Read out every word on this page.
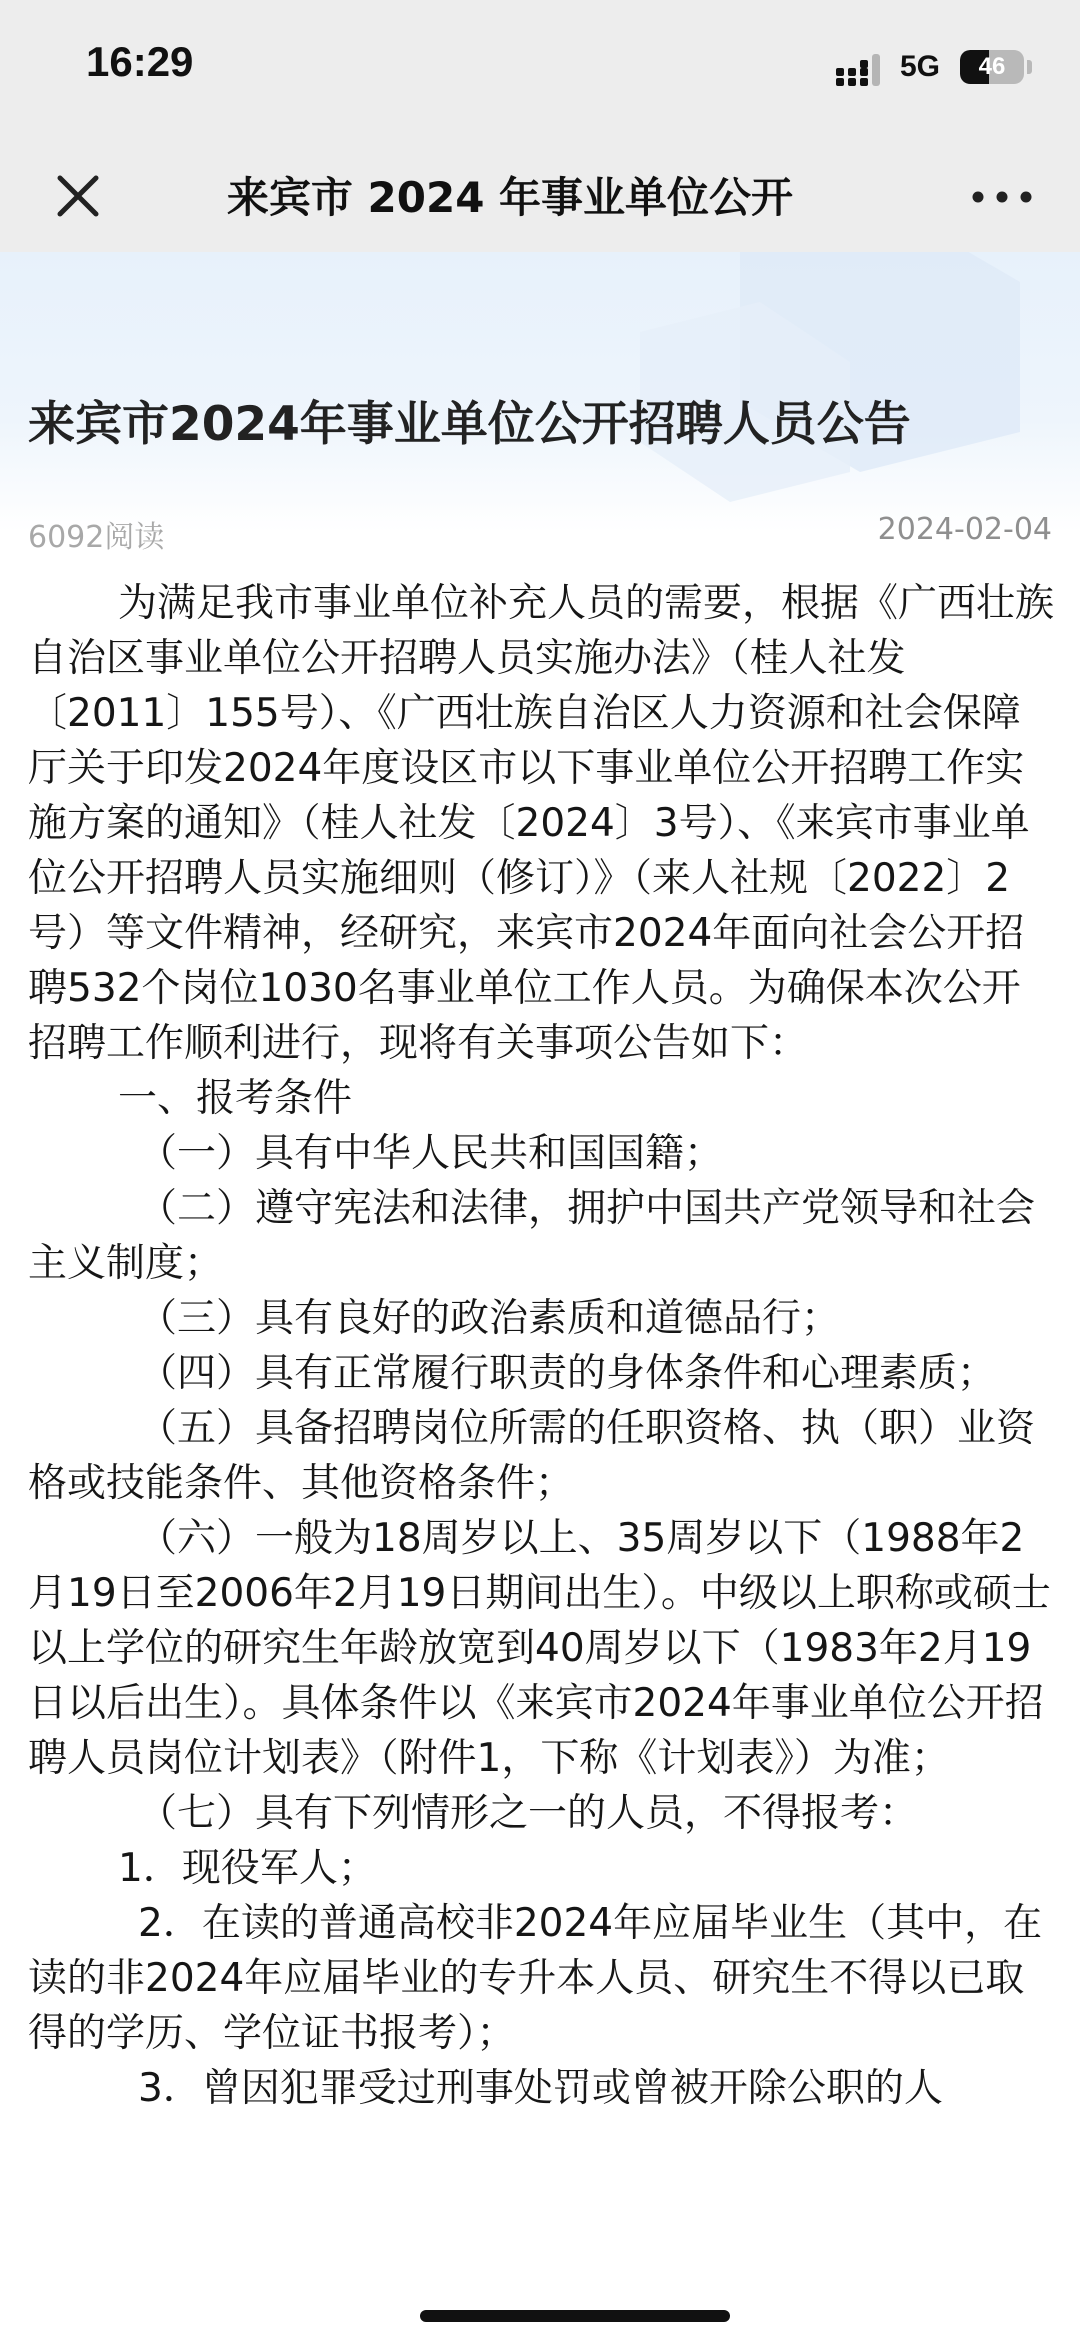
16:29	5G	46
来宾市 2024 年事业单位公开
来宾市2024年事业单位公开招聘人员公告
6092阅读	2024-02-04

为满足我市事业单位补充人员的需要，根据《广西壮族自治区事业单位公开招聘人员实施办法》（桂人社发〔2011〕155号）、《广西壮族自治区人力资源和社会保障厅关于印发2024年度设区市以下事业单位公开招聘工作实施方案的通知》（桂人社发〔2024〕3号）、《来宾市事业单位公开招聘人员实施细则（修订）》（来人社规〔2022〕2号）等文件精神，经研究，来宾市2024年面向社会公开招聘532个岗位1030名事业单位工作人员。为确保本次公开招聘工作顺利进行，现将有关事项公告如下：

一、报考条件

（一）具有中华人民共和国国籍；

（二）遵守宪法和法律，拥护中国共产党领导和社会主义制度；

（三）具有良好的政治素质和道德品行；

（四）具有正常履行职责的身体条件和心理素质；

（五）具备招聘岗位所需的任职资格、执（职）业资格或技能条件、其他资格条件；

（六）一般为18周岁以上、35周岁以下（1988年2月19日至2006年2月19日期间出生）。中级以上职称或硕士以上学位的研究生年龄放宽到40周岁以下（1983年2月19日以后出生）。具体条件以《来宾市2024年事业单位公开招聘人员岗位计划表》（附件1，下称《计划表》）为准；

（七）具有下列情形之一的人员，不得报考：

1．现役军人；

2．在读的普通高校非2024年应届毕业生（其中，在读的非2024年应届毕业的专升本人员、研究生不得以已取得的学历、学位证书报考）；

3．曾因犯罪受过刑事处罚或曾被开除公职的人
